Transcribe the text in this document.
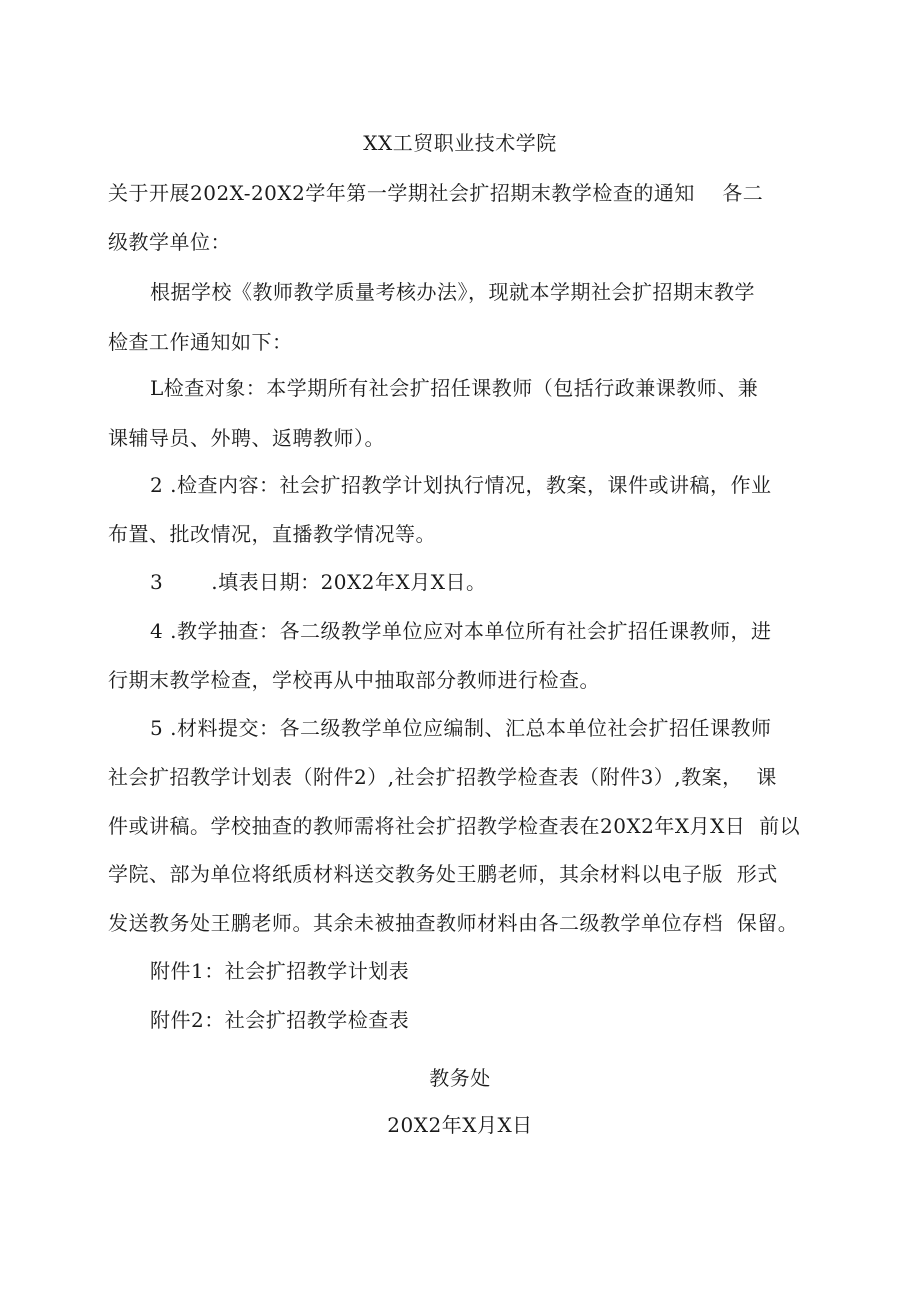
XX工贸职业技术学院
关于开展202X-20X2学年第一学期社会扩招期末教学检查的通知    各二
级教学单位：
根据学校《教师教学质量考核办法》，现就本学期社会扩招期末教学
检查工作通知如下：
L检查对象：本学期所有社会扩招任课教师（包括行政兼课教师、兼
课辅导员、外聘、返聘教师）。
2 .检查内容：社会扩招教学计划执行情况，教案，课件或讲稿，作业
布置、批改情况，直播教学情况等。
3       .填表日期：20X2年X月X日。
4 .教学抽查：各二级教学单位应对本单位所有社会扩招任课教师，进
行期末教学检查，学校再从中抽取部分教师进行检查。
5 .材料提交：各二级教学单位应编制、汇总本单位社会扩招任课教师
社会扩招教学计划表（附件2）,社会扩招教学检查表（附件3）,教案，  课
件或讲稿。学校抽查的教师需将社会扩招教学检查表在20X2年X月X日  前以
学院、部为单位将纸质材料送交教务处王鹏老师，其余材料以电子版  形式
发送教务处王鹏老师。其余未被抽查教师材料由各二级教学单位存档  保留。
附件1：社会扩招教学计划表
附件2：社会扩招教学检查表
教务处
20X2年X月X日
